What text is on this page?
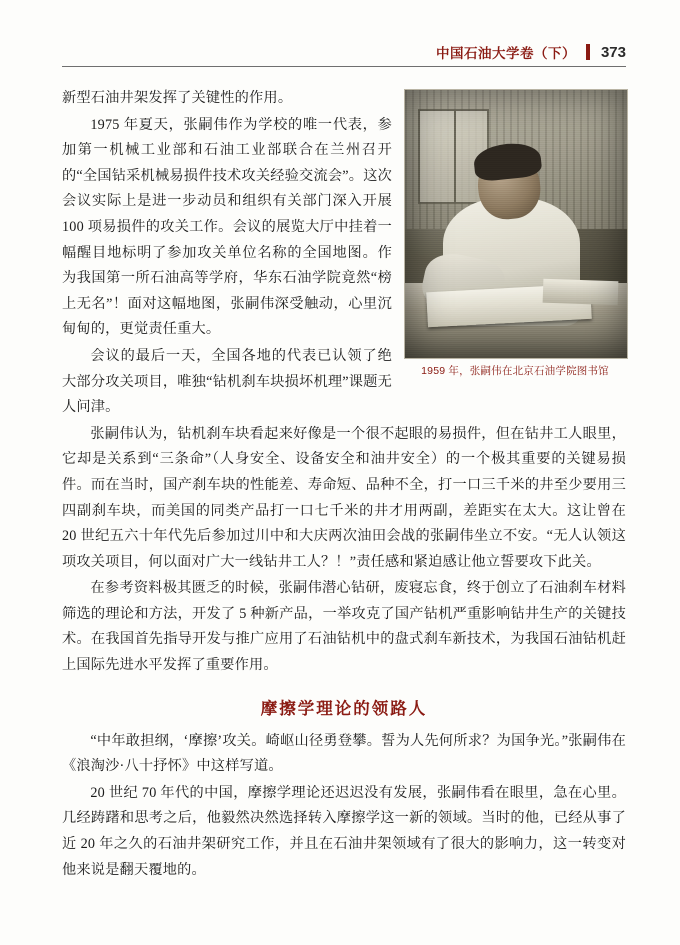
中国石油大学卷（下） 373
1959 年，张嗣伟在北京石油学院图书馆

新型石油井架发挥了关键性的作用。

1975 年夏天，张嗣伟作为学校的唯一代表，参加第一机械工业部和石油工业部联合在兰州召开的“全国钻采机械易损件技术攻关经验交流会”。这次会议实际上是进一步动员和组织有关部门深入开展 100 项易损件的攻关工作。会议的展览大厅中挂着一幅醒目地标明了参加攻关单位名称的全国地图。作为我国第一所石油高等学府，华东石油学院竟然“榜上无名”！面对这幅地图，张嗣伟深受触动，心里沉甸甸的，更觉责任重大。

会议的最后一天，全国各地的代表已认领了绝大部分攻关项目，唯独“钻机刹车块损坏机理”课题无人问津。

张嗣伟认为，钻机刹车块看起来好像是一个很不起眼的易损件，但在钻井工人眼里，它却是关系到“三条命”（人身安全、设备安全和油井安全）的一个极其重要的关键易损件。而在当时，国产刹车块的性能差、寿命短、品种不全，打一口三千米的井至少要用三四副刹车块，而美国的同类产品打一口七千米的井才用两副，差距实在太大。这让曾在 20 世纪五六十年代先后参加过川中和大庆两次油田会战的张嗣伟坐立不安。“无人认领这项攻关项目，何以面对广大一线钻井工人？！”责任感和紧迫感让他立誓要攻下此关。

在参考资料极其匮乏的时候，张嗣伟潜心钻研，废寝忘食，终于创立了石油刹车材料筛选的理论和方法，开发了 5 种新产品，一举攻克了国产钻机严重影响钻井生产的关键技术。在我国首先指导开发与推广应用了石油钻机中的盘式刹车新技术，为我国石油钻机赶上国际先进水平发挥了重要作用。

摩擦学理论的领路人

“中年敢担纲，‘摩擦’攻关。崎岖山径勇登攀。誓为人先何所求？为国争光。”张嗣伟在《浪淘沙·八十抒怀》中这样写道。

20 世纪 70 年代的中国，摩擦学理论还迟迟没有发展，张嗣伟看在眼里，急在心里。几经踌躇和思考之后，他毅然决然选择转入摩擦学这一新的领域。当时的他，已经从事了近 20 年之久的石油井架研究工作，并且在石油井架领域有了很大的影响力，这一转变对他来说是翻天覆地的。
